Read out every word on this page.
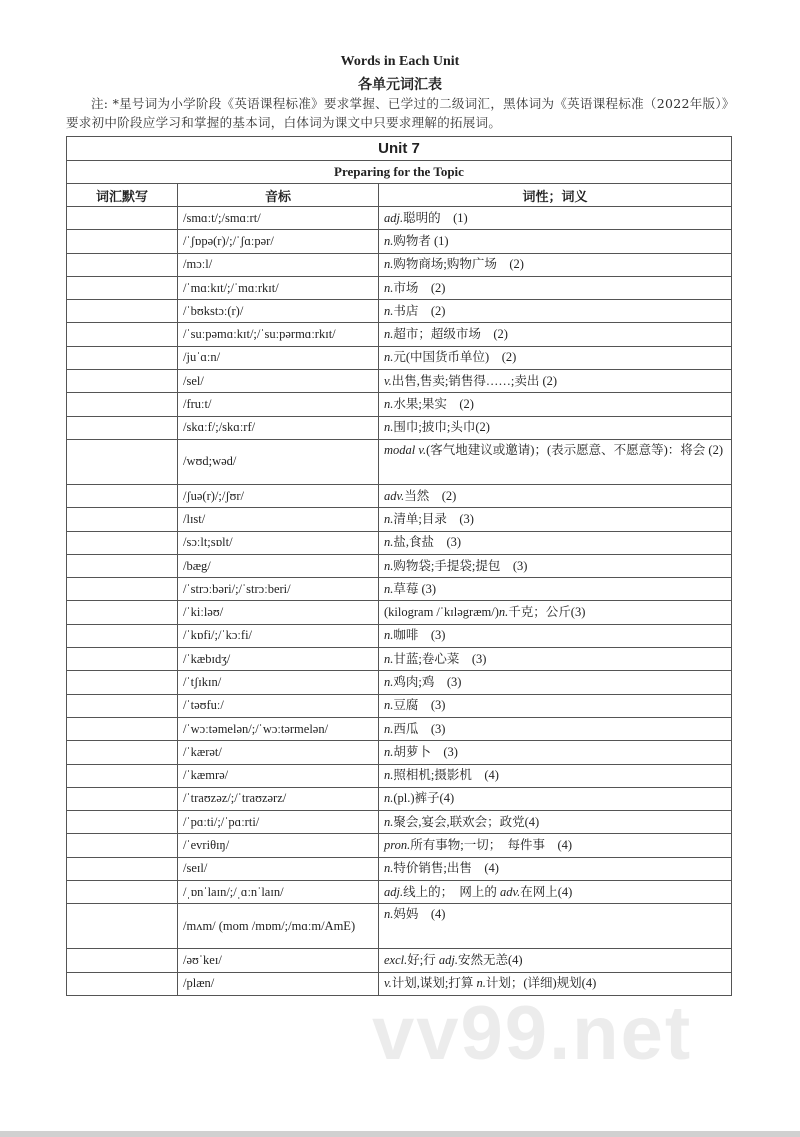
Words in Each Unit
各单元词汇表
注: *星号词为小学阶段《英语课程标准》要求掌握、已学过的二级词汇，黑体词为《英语课程标准（2022年版）》要求初中阶段应学习和掌握的基本词，白体词为课文中只要求理解的拓展词。
Unit 7		
Preparing for the Topic		
词汇默写	音标	词性；词义
	/smɑːt/;/smɑːrt/	adj.聪明的　(1)
	/ˈʃɒpə(r)/;/ˈʃɑːpər/	n.购物者 (1)
	/mɔːl/	n.购物商场;购物广场　(2)
	/ˈmɑːkɪt/;/ˈmɑːrkɪt/	n.市场　(2)
	/ˈbʊkstɔː(r)/	n.书店　(2)
	/ˈsuːpəmɑːkɪt/;/ˈsuːpərmɑːrkɪt/	n.超市；超级市场　(2)
	/juˈɑːn/	n.元(中国货币单位)　(2)
	/sel/	v.出售,售卖;销售得……;卖出 (2)
	/fruːt/	n.水果;果实　(2)
	/skɑːf/;/skɑːrf/	n.围巾;披巾;头巾(2)
	/wʊd;wəd/	modal v.(客气地建议或邀请)；(表示愿意、不愿意等)：将会 (2)
	/ʃuə(r)/;/ʃʊr/	adv.当然　(2)
	/lɪst/	n.清单;目录　(3)
	/sɔːlt;sɒlt/	n.盐,食盐　(3)
	/bæg/	n.购物袋;手提袋;提包　(3)
	/ˈstrɔːbəri/;/ˈstrɔːberi/	n.草莓 (3)
	/ˈkiːləʊ/	(kilogram /ˈkɪləgræm/)n.千克；公斤(3)
	/ˈkɒfi/;/ˈkɔːfi/	n.咖啡　(3)
	/ˈkæbɪdʒ/	n.甘蓝;卷心菜　(3)
	/ˈtʃɪkɪn/	n.鸡肉;鸡　(3)
	/ˈtəʊfuː/	n.豆腐　(3)
	/ˈwɔːtəmelən/;/ˈwɔːtərmelən/	n.西瓜　(3)
	/ˈkærət/	n.胡萝卜　(3)
	/ˈkæmrə/	n.照相机;摄影机　(4)
	/ˈtraʊzəz/;/ˈtraʊzərz/	n.(pl.)裤子(4)
	/ˈpɑːti/;/ˈpɑːrti/	n.聚会,宴会,联欢会；政党(4)
	/ˈevriθɪŋ/	pron.所有事物;一切；　每件事　(4)
	/seɪl/	n.特价销售;出售　(4)
	/ˌɒnˈlaɪn/;/ˌɑːnˈlaɪn/	adj.线上的；　网上的 adv.在网上(4)
	/mʌm/ (mom /mɒm/;/mɑːm/AmE)	n.妈妈　(4)
	/əʊˈkeɪ/	excl.好;行 adj.安然无恙(4)
	/plæn/	v.计划,谋划;打算 n.计划；(详细)规划(4)
vv99.net
